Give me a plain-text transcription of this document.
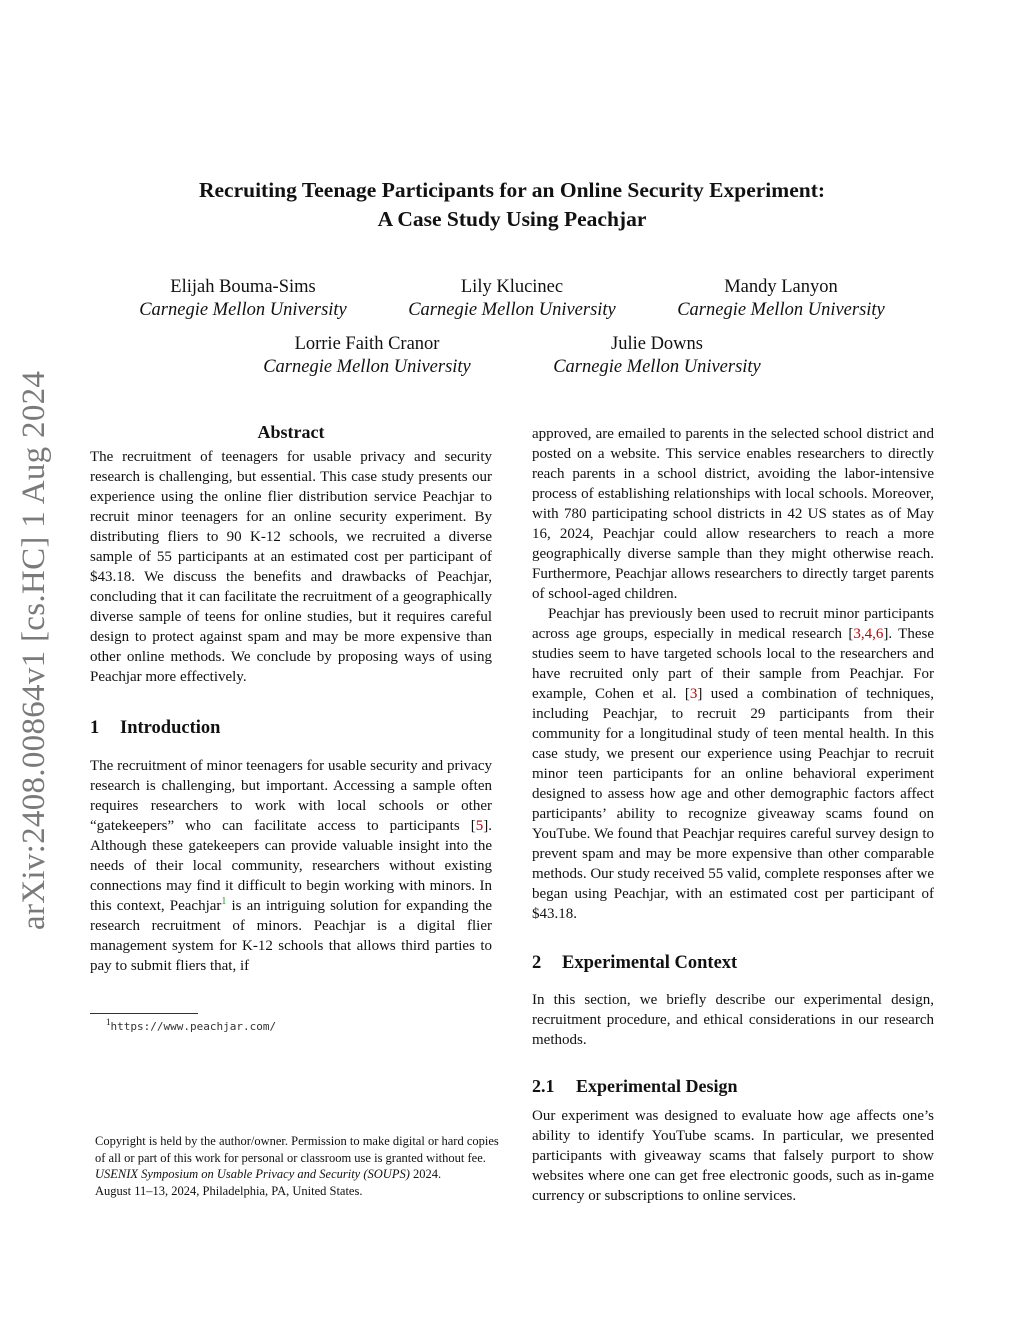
arXiv:2408.00864v1 [cs.HC] 1 Aug 2024
Recruiting Teenage Participants for an Online Security Experiment:
A Case Study Using Peachjar
Elijah Bouma-Sims
Carnegie Mellon University
Lily Klucinec
Carnegie Mellon University
Mandy Lanyon
Carnegie Mellon University
Lorrie Faith Cranor
Carnegie Mellon University
Julie Downs
Carnegie Mellon University
Abstract

The recruitment of teenagers for usable privacy and security research is challenging, but essential. This case study presents our experience using the online flier distribution service Peachjar to recruit minor teenagers for an online security experiment. By distributing fliers to 90 K-12 schools, we recruited a diverse sample of 55 participants at an estimated cost per participant of $43.18. We discuss the benefits and drawbacks of Peachjar, concluding that it can facilitate the recruitment of a geographically diverse sample of teens for online studies, but it requires careful design to protect against spam and may be more expensive than other online methods. We conclude by proposing ways of using Peachjar more effectively.

1 Introduction

The recruitment of minor teenagers for usable security and privacy research is challenging, but important. Accessing a sample often requires researchers to work with local schools or other “gatekeepers” who can facilitate access to participants [5]. Although these gatekeepers can provide valuable insight into the needs of their local community, researchers without existing connections may find it difficult to begin working with minors. In this context, Peachjar$^1$ is an intriguing solution for expanding the research recruitment of minors. Peachjar is a digital flier management system for K-12 schools that allows third parties to pay to submit fliers that, if

$^1$https://www.peachjar.com/

Copyright is held by the author/owner. Permission to make digital or hard copies of all or part of this work for personal or classroom use is granted without fee.

USENIX Symposium on Usable Privacy and Security (SOUPS) 2024.

August 11–13, 2024, Philadelphia, PA, United States.

approved, are emailed to parents in the selected school district and posted on a website. This service enables researchers to directly reach parents in a school district, avoiding the labor-intensive process of establishing relationships with local schools. Moreover, with 780 participating school districts in 42 US states as of May 16, 2024, Peachjar could allow researchers to reach a more geographically diverse sample than they might otherwise reach. Furthermore, Peachjar allows researchers to directly target parents of school-aged children.

Peachjar has previously been used to recruit minor participants across age groups, especially in medical research [3,4,6]. These studies seem to have targeted schools local to the researchers and have recruited only part of their sample from Peachjar. For example, Cohen et al. [3] used a combination of techniques, including Peachjar, to recruit 29 participants from their community for a longitudinal study of teen mental health. In this case study, we present our experience using Peachjar to recruit minor teen participants for an online behavioral experiment designed to assess how age and other demographic factors affect participants’ ability to recognize giveaway scams found on YouTube. We found that Peachjar requires careful survey design to prevent spam and may be more expensive than other comparable methods. Our study received 55 valid, complete responses after we began using Peachjar, with an estimated cost per participant of $43.18.

2 Experimental Context

In this section, we briefly describe our experimental design, recruitment procedure, and ethical considerations in our research methods.

2.1 Experimental Design

Our experiment was designed to evaluate how age affects one’s ability to identify YouTube scams. In particular, we presented participants with giveaway scams that falsely purport to show websites where one can get free electronic goods, such as in-game currency or subscriptions to online services.
